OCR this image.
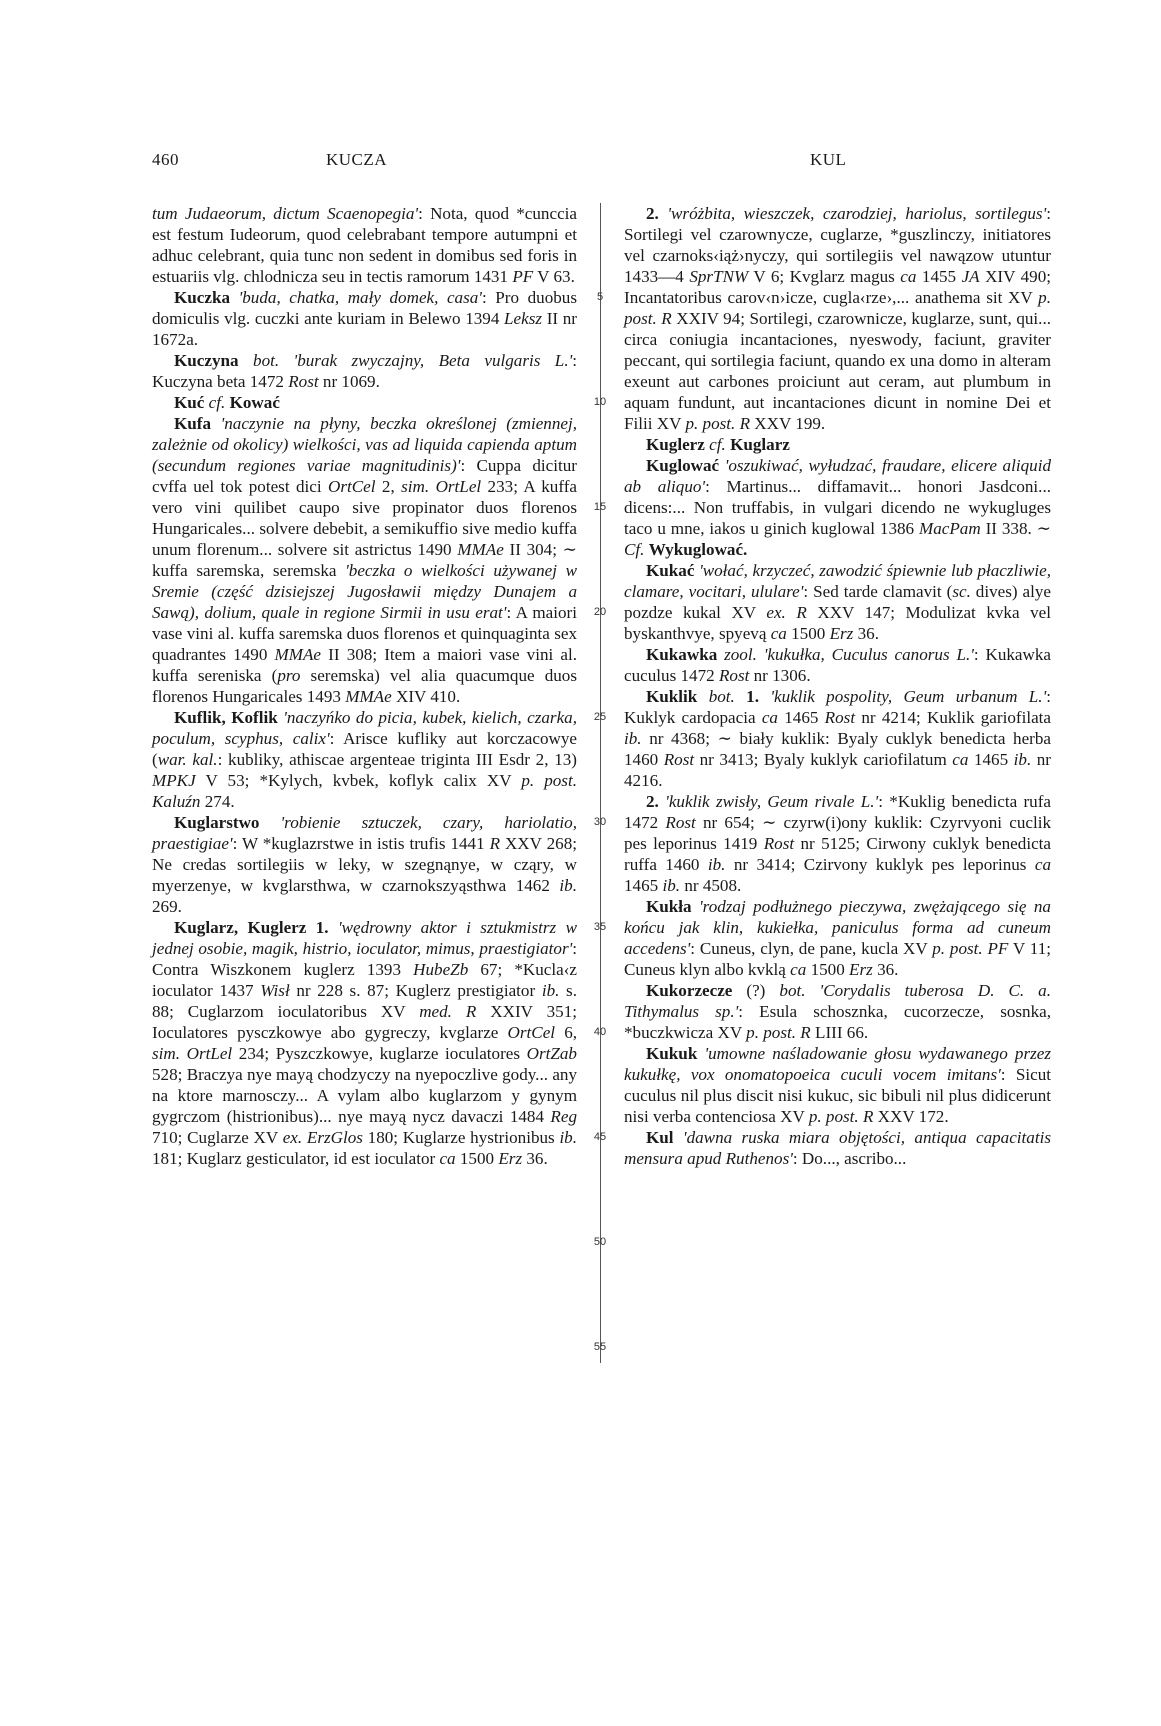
460	KUCZA	KUL

tum Judaeorum, dictum Scaenopegia': Nota, quod *cunccia est festum Iudeorum, quod celebrabant tempore autumpni et adhuc celebrant, quia tunc non sedent in domibus sed foris in estuariis vlg. chlodnicza seu in tectis ramorum 1431 PF V 63.

Kuczka 'buda, chatka, mały domek, casa': Pro duobus domiculis vlg. cuczki ante kuriam in Belewo 1394 Leksz II nr 1672a.

Kuczyna bot. 'burak zwyczajny, Beta vulgaris L.': Kuczyna beta 1472 Rost nr 1069.

Kuć cf. Kować

Kufa 'naczynie na płyny, beczka określonej (zmiennej, zależnie od okolicy) wielkości, vas ad liquida capienda aptum (secundum regiones variae magnitudinis)': Cuppa dicitur cvffa uel tok potest dici OrtCel 2, sim. OrtLel 233; A kuffa vero vini quilibet caupo sive propinator duos florenos Hungaricales... solvere debebit, a semikuffio sive medio kuffa unum florenum... solvere sit astrictus 1490 MMAe II 304; ∼ kuffa saremska, seremska 'beczka o wielkości używanej w Sremie (część dzisiejszej Jugosławii między Dunajem a Sawą), dolium, quale in regione Sirmii in usu erat': A maiori vase vini al. kuffa saremska duos florenos et quinquaginta sex quadrantes 1490 MMAe II 308; Item a maiori vase vini al. kuffa sereniska (pro seremska) vel alia quacumque duos florenos Hungaricales 1493 MMAe XIV 410.

Kuflik, Koflik 'naczyńko do picia, kubek, kielich, czarka, poculum, scyphus, calix': Arisce kufliky aut korczacowye (war. kal.: kubliky, athiscae argenteae triginta III Esdr 2, 13) MPKJ V 53; *Kylych, kvbek, koflyk calix XV p. post. Kaluźn 274.

Kuglarstwo 'robienie sztuczek, czary, hariolatio, praestigiae': W *kuglazrstwe in istis trufis 1441 R XXV 268; Ne credas sortilegiis w leky, w szegnąnye, w cząry, w myerzenye, w kvglarsthwa, w czarnokszyąsthwa 1462 ib. 269.

Kuglarz, Kuglerz 1. 'wędrowny aktor i sztukmistrz w jednej osobie, magik, histrio, ioculator, mimus, praestigiator': Contra Wiszkonem kuglerz 1393 HubeZb 67; *Kucla‹z ioculator 1437 Wisł nr 228 s. 87; Kuglerz prestigiator ib. s. 88; Cuglarzom ioculatoribus XV med. R XXIV 351; Ioculatores pysczkowye abo gygreczy, kvglarze OrtCel 6, sim. OrtLel 234; Pyszczkowye, kuglarze ioculatores OrtZab 528; Braczya nye mayą chodzyczy na nyepoczlive gody... any na ktore marnosczy... A vylam albo kuglarzom y gynym gygrczom (histrionibus)... nye mayą nycz davaczi 1484 Reg 710; Cuglarze XV ex. ErzGlos 180; Kuglarze hystrionibus ib. 181; Kuglarz gesticulator, id est ioculator ca 1500 Erz 36.

5
10
15
20
25
30
35
40
45
50
55

2. 'wróżbita, wieszczek, czarodziej, hariolus, sortilegus': Sortilegi vel czarownycze, cuglarze, *guszlinczy, initiatores vel czarnoks‹iąż›nyczy, qui sortilegiis vel nawązow utuntur 1433—4 SprTNW V 6; Kvglarz magus ca 1455 JA XIV 490; Incantatoribus carov‹n›icze, cugla‹rze›,... anathema sit XV p. post. R XXIV 94; Sortilegi, czarownicze, kuglarze, sunt, qui... circa coniugia incantaciones, nyeswody, faciunt, graviter peccant, qui sortilegia faciunt, quando ex una domo in alteram exeunt aut carbones proiciunt aut ceram, aut plumbum in aquam fundunt, aut incantaciones dicunt in nomine Dei et Filii XV p. post. R XXV 199.

Kuglerz cf. Kuglarz

Kuglować 'oszukiwać, wyłudzać, fraudare, elicere aliquid ab aliquo': Martinus... diffamavit... honori Jasdconi... dicens:... Non truffabis, in vulgari dicendo ne wykugluges taco u mne, iakos u ginich kuglowal 1386 MacPam II 338. ∼ Cf. Wykuglować.

Kukać 'wołać, krzyczeć, zawodzić śpiewnie lub płaczliwie, clamare, vocitari, ululare': Sed tarde clamavit (sc. dives) alye pozdze kukal XV ex. R XXV 147; Modulizat kvka vel byskanthvye, spyevą ca 1500 Erz 36.

Kukawka zool. 'kukułka, Cuculus canorus L.': Kukawka cuculus 1472 Rost nr 1306.

Kuklik bot. 1. 'kuklik pospolity, Geum urbanum L.': Kuklyk cardopacia ca 1465 Rost nr 4214; Kuklik gariofilata ib. nr 4368; ∼ biały kuklik: Byaly cuklyk benedicta herba 1460 Rost nr 3413; Byaly kuklyk cariofilatum ca 1465 ib. nr 4216.

2. 'kuklik zwisły, Geum rivale L.': *Kuklig benedicta rufa 1472 Rost nr 654; ∼ czyrw(i)ony kuklik: Czyrvyoni cuclik pes leporinus 1419 Rost nr 5125; Cirwony cuklyk benedicta ruffa 1460 ib. nr 3414; Czirvony kuklyk pes leporinus ca 1465 ib. nr 4508.

Kukła 'rodzaj podłużnego pieczywa, zwężającego się na końcu jak klin, kukiełka, paniculus forma ad cuneum accedens': Cuneus, clyn, de pane, kucla XV p. post. PF V 11; Cuneus klyn albo kvklą ca 1500 Erz 36.

Kukorzecze (?) bot. 'Corydalis tuberosa D. C. a. Tithymalus sp.': Esula schosznka, cucorzecze, sosnka, *buczkwicza XV p. post. R LIII 66.

Kukuk 'umowne naśladowanie głosu wydawanego przez kukułkę, vox onomatopoeica cuculi vocem imitans': Sicut cuculus nil plus discit nisi kukuc, sic bibuli nil plus didicerunt nisi verba contenciosa XV p. post. R XXV 172.

Kul 'dawna ruska miara objętości, antiqua capacitatis mensura apud Ruthenos': Do..., ascribo...
